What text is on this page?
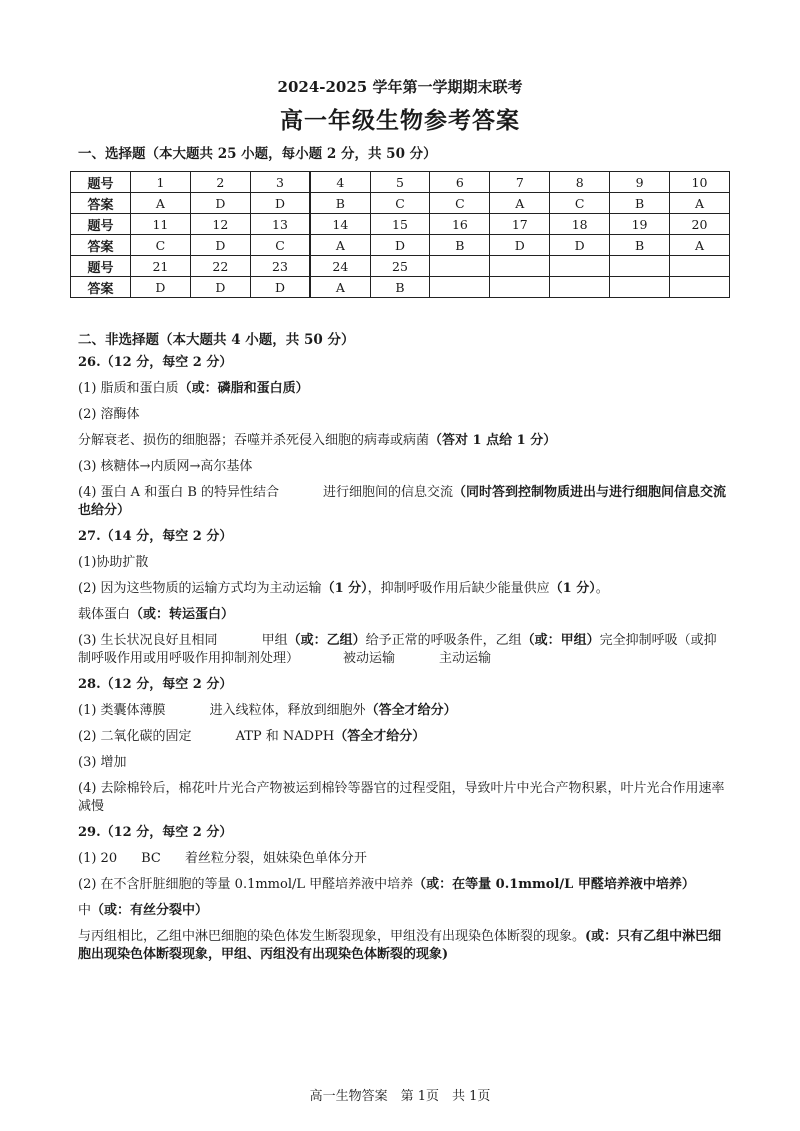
2024-2025 学年第一学期期末联考
高一年级生物参考答案
一、选择题（本大题共 25 小题，每小题 2 分，共 50 分）
题号	1	2	3	4	5	6	7	8	9	10
答案	A	D	D	B	C	C	A	C	B	A
题号	11	12	13	14	15	16	17	18	19	20
答案	C	D	C	A	D	B	D	D	B	A
题号	21	22	23	24	25					
答案	D	D	D	A	B					
二、非选择题（本大题共 4 小题，共 50 分）
26.（12 分，每空 2 分）
(1) 脂质和蛋白质（或：磷脂和蛋白质）
(2) 溶酶体
分解衰老、损伤的细胞器；吞噬并杀死侵入细胞的病毒或病菌（答对 1 点给 1 分）
(3) 核糖体→内质网→高尔基体
(4) 蛋白 A 和蛋白 B 的特异性结合	进行细胞间的信息交流（同时答到控制物质进出与进行细胞间信息交流也给分）
27.（14 分，每空 2 分）
(1)协助扩散
(2) 因为这些物质的运输方式均为主动运输（1 分），抑制呼吸作用后缺少能量供应（1 分）。
载体蛋白（或：转运蛋白）
(3) 生长状况良好且相同	甲组（或：乙组）给予正常的呼吸条件，乙组（或：甲组）完全抑制呼吸（或抑制呼吸作用或用呼吸作用抑制剂处理）	被动运输	主动运输
28.（12 分，每空 2 分）
(1) 类囊体薄膜	进入线粒体，释放到细胞外（答全才给分）
(2) 二氧化碳的固定	ATP 和 NADPH（答全才给分）
(3) 增加
(4) 去除棉铃后，棉花叶片光合产物被运到棉铃等器官的过程受阻，导致叶片中光合产物积累，叶片光合作用速率减慢
29.（12 分，每空 2 分）
(1) 20 BC 着丝粒分裂，姐妹染色单体分开
(2) 在不含肝脏细胞的等量 0.1mmol/L 甲醛培养液中培养（或：在等量 0.1mmol/L 甲醛培养液中培养）
中（或：有丝分裂中）
与丙组相比，乙组中淋巴细胞的染色体发生断裂现象，甲组没有出现染色体断裂的现象。(或：只有乙组中淋巴细胞出现染色体断裂现象，甲组、丙组没有出现染色体断裂的现象)
高一生物答案　第 1页　共 1页
